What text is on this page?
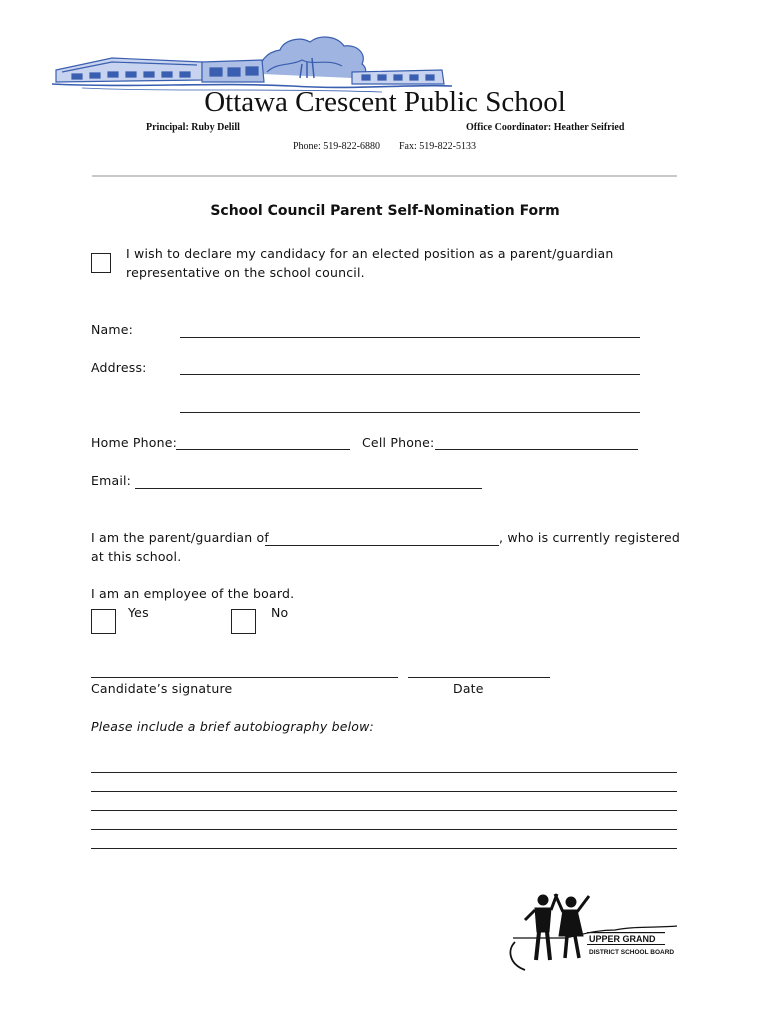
Ottawa Crescent Public School
Principal: Ruby Delill	Office Coordinator: Heather Seifried
Phone: 519-822-6880 Fax: 519-822-5133
School Council Parent Self-Nomination Form
I wish to declare my candidacy for an elected position as a parent/guardian
representative on the school council.
Name:
Address:
Home Phone:	Cell Phone:
Email:
I am the parent/guardian of	, who is currently registered
at this school.
I am an employee of the board.
Yes	No
Candidate’s signature	Date
Please include a brief autobiography below:
UPPER GRAND
DISTRICT SCHOOL BOARD
